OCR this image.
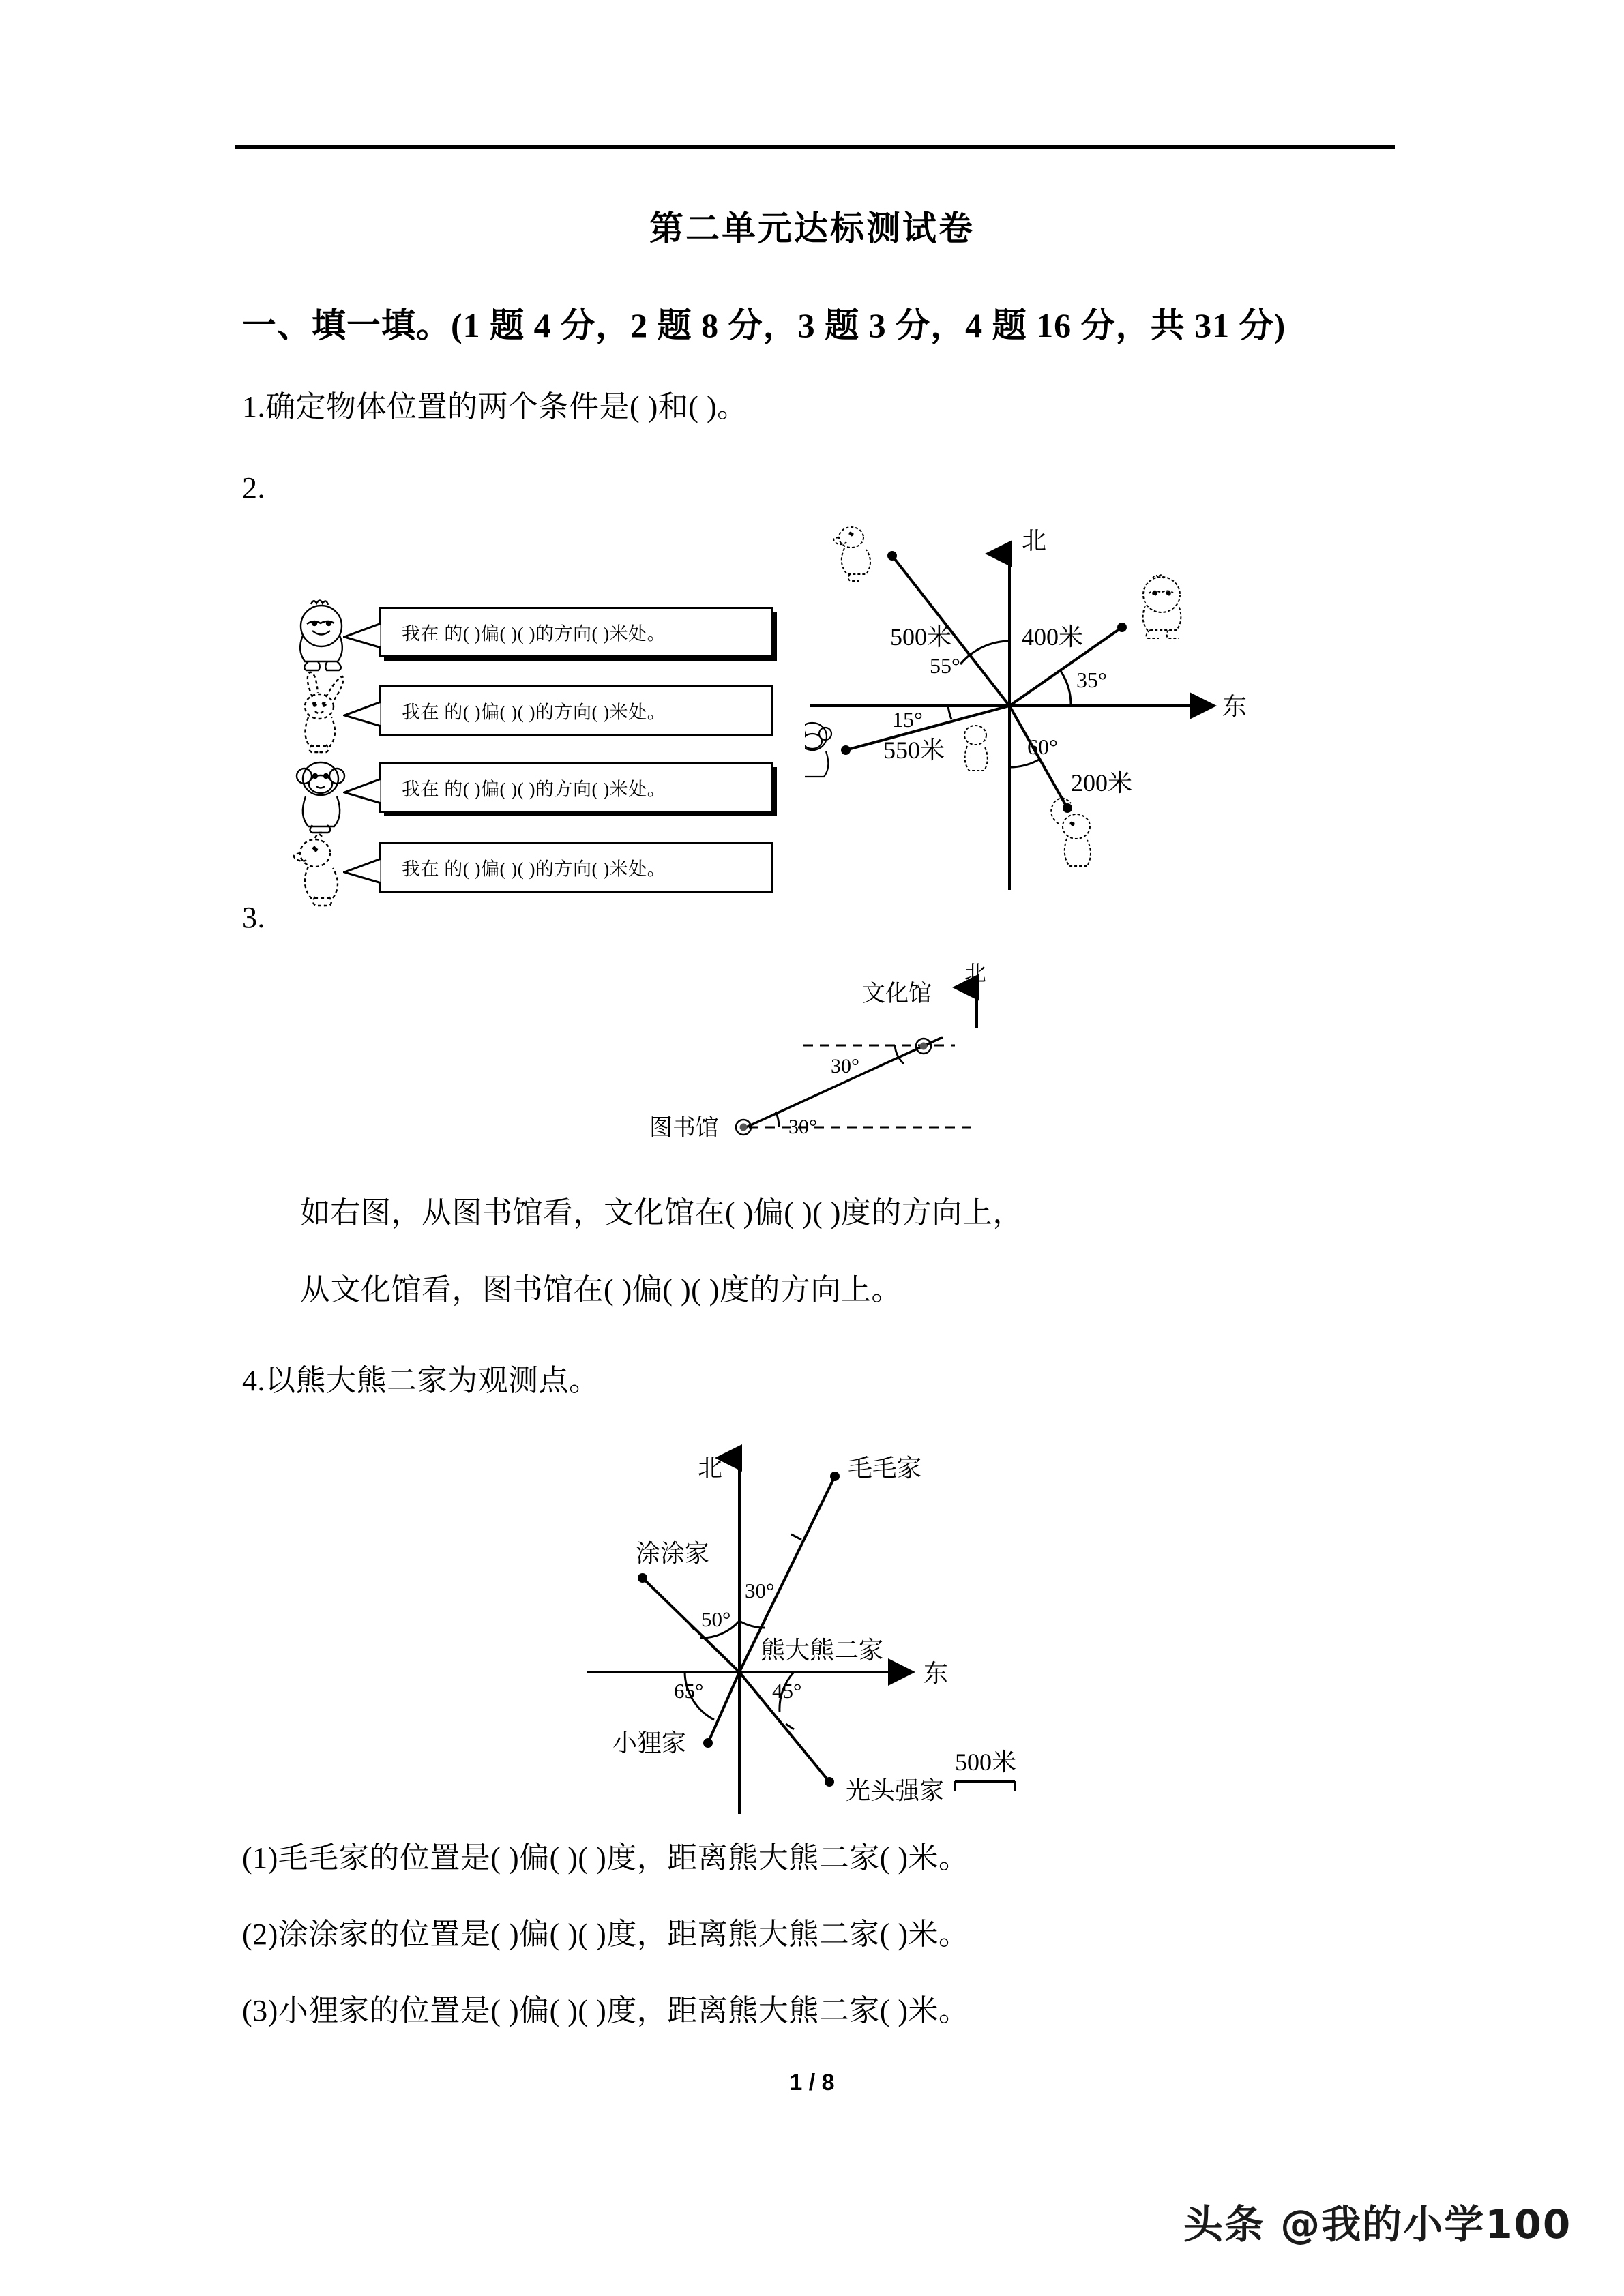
第二单元达标测试卷
一、填一填。(1 题 4 分，2 题 8 分，3 题 3 分，4 题 16 分，共 31 分)
1.确定物体位置的两个条件是( )和( )。
2.
我在 的( )偏( )( )的方向( )米处。
我在 的( )偏( )( )的方向( )米处。
我在 的( )偏( )( )的方向( )米处。
我在 的( )偏( )( )的方向( )米处。
北
东
500米	400米
550米
200米
55°
35°
15°
60°
3.
北
文化馆
图书馆
30°
30°
如右图，从图书馆看，文化馆在( )偏( )( )度的方向上，
从文化馆看，图书馆在( )偏( )( )度的方向上。
4.以熊大熊二家为观测点。
北
东
毛毛家
涂涂家
小狸家
光头强家
熊大熊二家
30°
50°
65°	45°
500米
(1)毛毛家的位置是( )偏( )( )度，距离熊大熊二家( )米。
(2)涂涂家的位置是( )偏( )( )度，距离熊大熊二家( )米。
(3)小狸家的位置是( )偏( )( )度，距离熊大熊二家( )米。
1 / 8
头条 @我的小学100
